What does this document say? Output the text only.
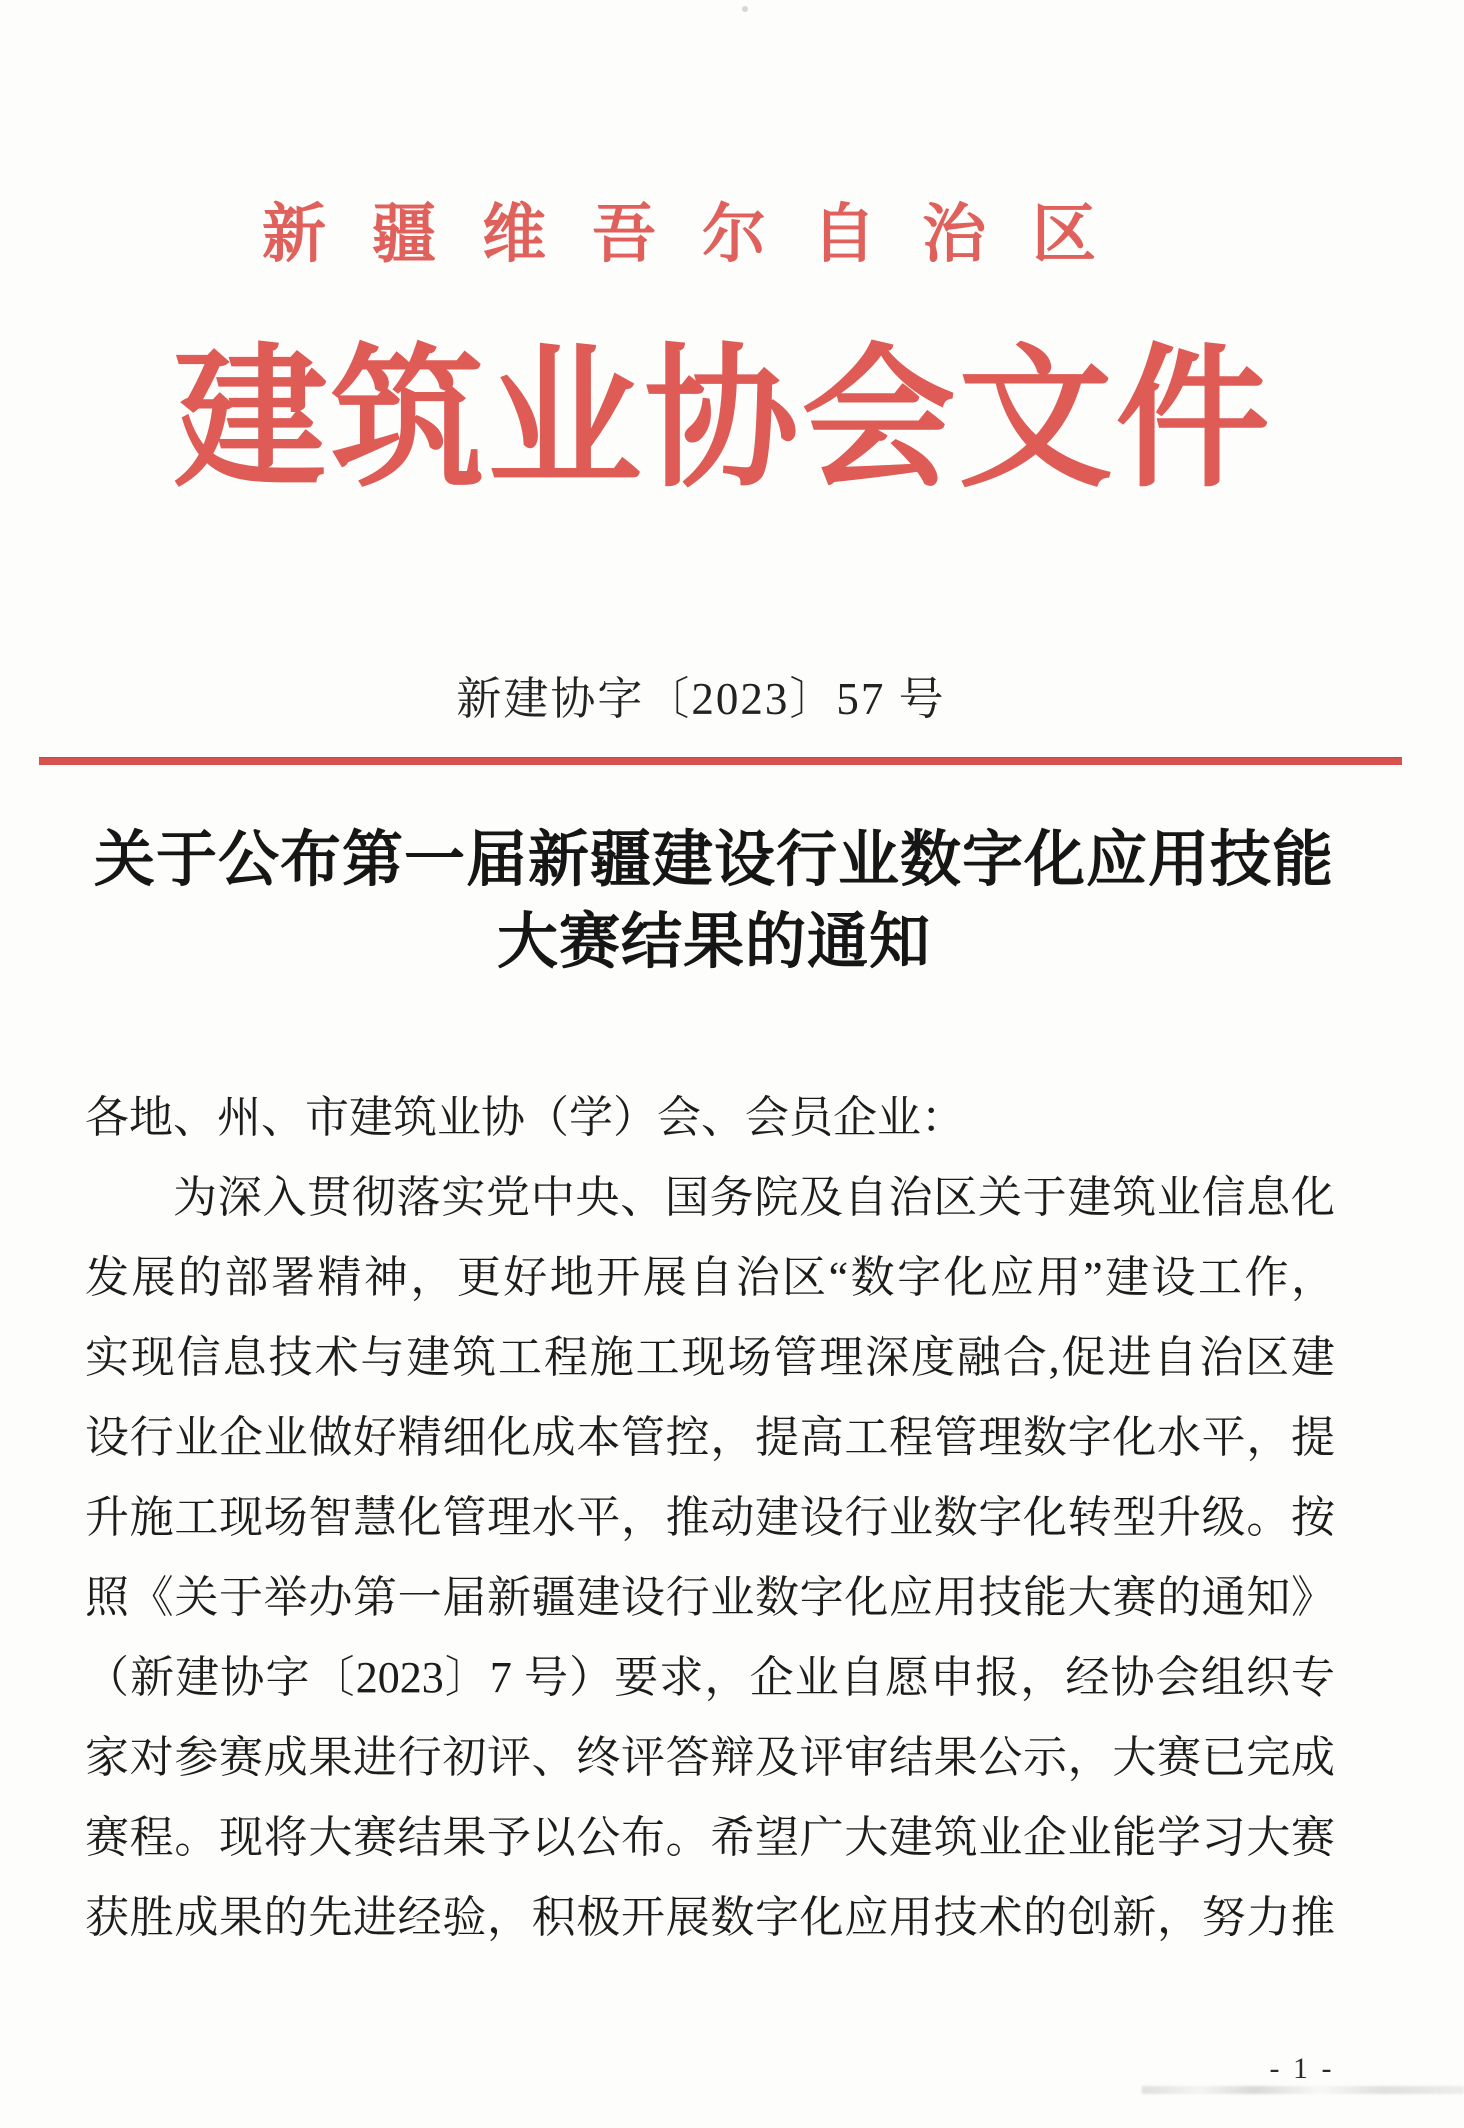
新疆维吾尔自治区
建筑业协会文件
新建协字〔2023〕57 号
关于公布第一届新疆建设行业数字化应用技能
大赛结果的通知
各地、州、市建筑业协（学）会、会员企业：
为深入贯彻落实党中央、国务院及自治区关于建筑业信息化
发展的部署精神，更好地开展自治区“数字化应用”建设工作，
实现信息技术与建筑工程施工现场管理深度融合,促进自治区建
设行业企业做好精细化成本管控，提高工程管理数字化水平，提
升施工现场智慧化管理水平，推动建设行业数字化转型升级。按
照《关于举办第一届新疆建设行业数字化应用技能大赛的通知》
（新建协字〔2023〕7 号）要求，企业自愿申报，经协会组织专
家对参赛成果进行初评、终评答辩及评审结果公示，大赛已完成
赛程。现将大赛结果予以公布。希望广大建筑业企业能学习大赛
获胜成果的先进经验，积极开展数字化应用技术的创新，努力推
- 1 -
